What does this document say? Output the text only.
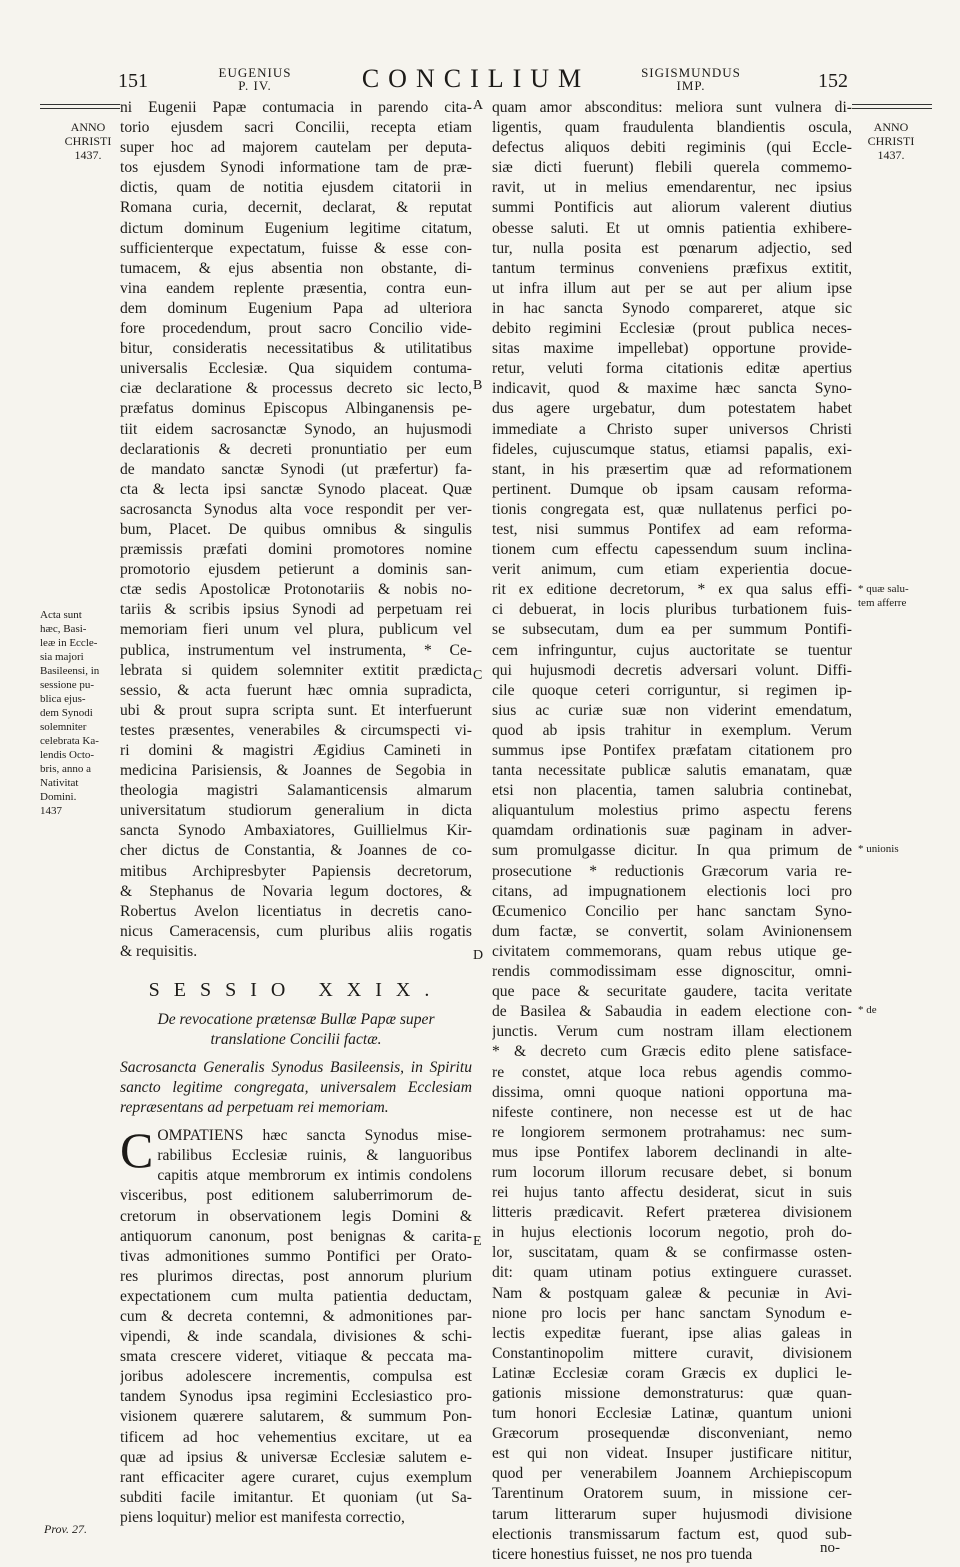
151	EUGENIUS
P. IV.	CONCILIUM	SIGISMUNDUS
IMP.	152
ANNO
CHRISTI
1437.
ANNO
CHRISTI
1437.
Acta sunt
hæc, Basi-
leæ in Eccle-
sia majori
Basileensi, in
sessione pu-
blica ejus-
dem Synodi
solemniter
celebrata Ka-
lendis Octo-
bris, anno a
Nativitat
Domini.
1437
Prov. 27.
* quæ salu-
tem afferre
* unionis
* de
A
B
C
D
E
ni Eugenii Papæ contumacia in parendo cita-
torio ejusdem sacri Concilii, recepta etiam
super hoc ad majorem cautelam per deputa-
tos ejusdem Synodi informatione tam de præ-
dictis, quam de notitia ejusdem citatorii in
Romana curia, decernit, declarat, & reputat
dictum dominum Eugenium legitime citatum,
sufficienterque expectatum, fuisse & esse con-
tumacem, & ejus absentia non obstante, di-
vina eandem replente præsentia, contra eun-
dem dominum Eugenium Papa ad ulteriora
fore procedendum, prout sacro Concilio vide-
bitur, consideratis necessitatibus & utilitatibus
universalis Ecclesiæ. Qua siquidem contuma-
ciæ declaratione & processus decreto sic lecto,
præfatus dominus Episcopus Albinganensis pe-
tiit eidem sacrosanctæ Synodo, an hujusmodi
declarationis & decreti pronuntiatio per eum
de mandato sanctæ Synodi (ut præfertur) fa-
cta & lecta ipsi sanctæ Synodo placeat. Quæ
sacrosancta Synodus alta voce respondit per ver-
bum, Placet. De quibus omnibus & singulis
præmissis præfati domini promotores nomine
promotorio ejusdem petierunt a dominis san-
ctæ sedis Apostolicæ Protonotariis & nobis no-
tariis & scribis ipsius Synodi ad perpetuam rei
memoriam fieri unum vel plura, publicum vel
publica, instrumentum vel instrumenta, * Ce-
lebrata si quidem solemniter extitit prædicta
sessio, & acta fuerunt hæc omnia supradicta,
ubi & prout supra scripta sunt. Et interfuerunt
testes præsentes, venerabiles & circumspecti vi-
ri domini & magistri Ægidius Camineti in
medicina Parisiensis, & Joannes de Segobia in
theologia magistri Salamanticensis almarum
universitatum studiorum generalium in dicta
sancta Synodo Ambaxiatores, Guillielmus Kir-
cher dictus de Constantia, & Joannes de co-
mitibus Archipresbyter Papiensis decretorum,
& Stephanus de Novaria legum doctores, &
Robertus Avelon licentiatus in decretis cano-
nicus Cameracensis, cum pluribus aliis rogatis
& requisitis.
SESSIO XXIX.
De revocatione prætensæ Bullæ Papæ super translatione Concilii factæ.
Sacrosancta Generalis Synodus Basileensis, in Spiritu sancto legitime congregata, universalem Ecclesiam repræsentans ad perpetuam rei memoriam.
C OMPATIENS hæc sancta Synodus mise-
rabilibus Ecclesiæ ruinis, & languoribus
capitis atque membrorum ex intimis condolens
visceribus, post editionem saluberrimorum de-
cretorum in observationem legis Domini &
antiquorum canonum, post benignas & carita-
tivas admonitiones summo Pontifici per Orato-
res plurimos directas, post annorum plurium
expectationem cum multa patientia deductam,
cum & decreta contemni, & admonitiones par-
vipendi, & inde scandala, divisiones & schi-
smata crescere videret, vitiaque & peccata ma-
joribus adolescere incrementis, compulsa est
tandem Synodus ipsa regimini Ecclesiastico pro-
visionem quærere salutarem, & summum Pon-
tificem ad hoc vehementius excitare, ut ea
quæ ad ipsius & universæ Ecclesiæ salutem e-
rant efficaciter agere curaret, cujus exemplum
subditi facile imitantur. Et quoniam (ut Sa-
piens loquitur) melior est manifesta correctio,
quam amor absconditus: meliora sunt vulnera di-
ligentis, quam fraudulenta blandientis oscula,
defectus aliquos debiti regiminis (qui Eccle-
siæ dicti fuerunt) flebili querela commemo-
ravit, ut in melius emendarentur, nec ipsius
summi Pontificis aut aliorum valerent diutius
obesse saluti. Et ut omnis patientia exhibere-
tur, nulla posita est pœnarum adjectio, sed
tantum terminus conveniens præfixus extitit,
ut infra illum aut per se aut per alium ipse
in hac sancta Synodo compareret, atque sic
debito regimini Ecclesiæ (prout publica neces-
sitas maxime impellebat) opportune provide-
retur, veluti forma citationis editæ apertius
indicavit, quod & maxime hæc sancta Syno-
dus agere urgebatur, dum potestatem habet
immediate a Christo super universos Christi
fideles, cujuscumque status, etiamsi papalis, exi-
stant, in his præsertim quæ ad reformationem
pertinent. Dumque ob ipsam causam reforma-
tionis congregata est, quæ nullatenus perfici po-
test, nisi summus Pontifex ad eam reforma-
tionem cum effectu capessendum suum inclina-
verit animum, cum etiam experientia docue-
rit ex editione decretorum, * ex qua salus effi-
ci debuerat, in locis pluribus turbationem fuis-
se subsecutam, dum ea per summum Pontifi-
cem infringuntur, cujus auctoritate se tuentur
qui hujusmodi decretis adversari volunt. Diffi-
cile quoque ceteri corriguntur, si regimen ip-
sius ac curiæ suæ non viderint emendatum,
quod ab ipsis trahitur in exemplum. Verum
summus ipse Pontifex præfatam citationem pro
tanta necessitate publicæ salutis emanatam, quæ
etsi non placentia, tamen salubria continebat,
aliquantulum molestius primo aspectu ferens
quamdam ordinationis suæ paginam in adver-
sum promulgasse dicitur. In qua primum de
prosecutione * reductionis Græcorum varia re-
citans, ad impugnationem electionis loci pro
Œcumenico Concilio per hanc sanctam Syno-
dum factæ, se convertit, solam Avinionensem
civitatem commemorans, quam rebus utique ge-
rendis commodissimam esse dignoscitur, omni-
que pace & securitate gaudere, tacita veritate
de Basilea & Sabaudia in eadem electione con-
junctis. Verum cum nostram illam electionem
* & decreto cum Græcis edito plene satisface-
re constet, atque loca rebus agendis commo-
dissima, omni quoque nationi opportuna ma-
nifeste continere, non necesse est ut de hac
re longiorem sermonem protrahamus: nec sum-
mus ipse Pontifex laborem declinandi in alte-
rum locorum illorum recusare debet, si bonum
rei hujus tanto affectu desiderat, sicut in suis
litteris prædicavit. Refert præterea divisionem
in hujus electionis locorum negotio, proh do-
lor, suscitatam, quam & se confirmasse osten-
dit: quam utinam potius extinguere curasset.
Nam & postquam galeæ & pecuniæ in Avi-
nione pro locis per hanc sanctam Synodum e-
lectis expeditæ fuerant, ipse alias galeas in
Constantinopolim mittere curavit, divisionem
Latinæ Ecclesiæ coram Græcis ex duplici le-
gationis missione demonstraturus: quæ quan-
tum honori Ecclesiæ Latinæ, quantum unioni
Græcorum prosequendæ disconveniant, nemo
est qui non videat. Insuper justificare nititur,
quod per venerabilem Joannem Archiepiscopum
Tarentinum Oratorem suum, in missione cer-
tarum litterarum super hujusmodi divisione
electionis transmissarum factum est, quod sub-
ticere honestius fuisset, ne nos pro tuenda	no-
